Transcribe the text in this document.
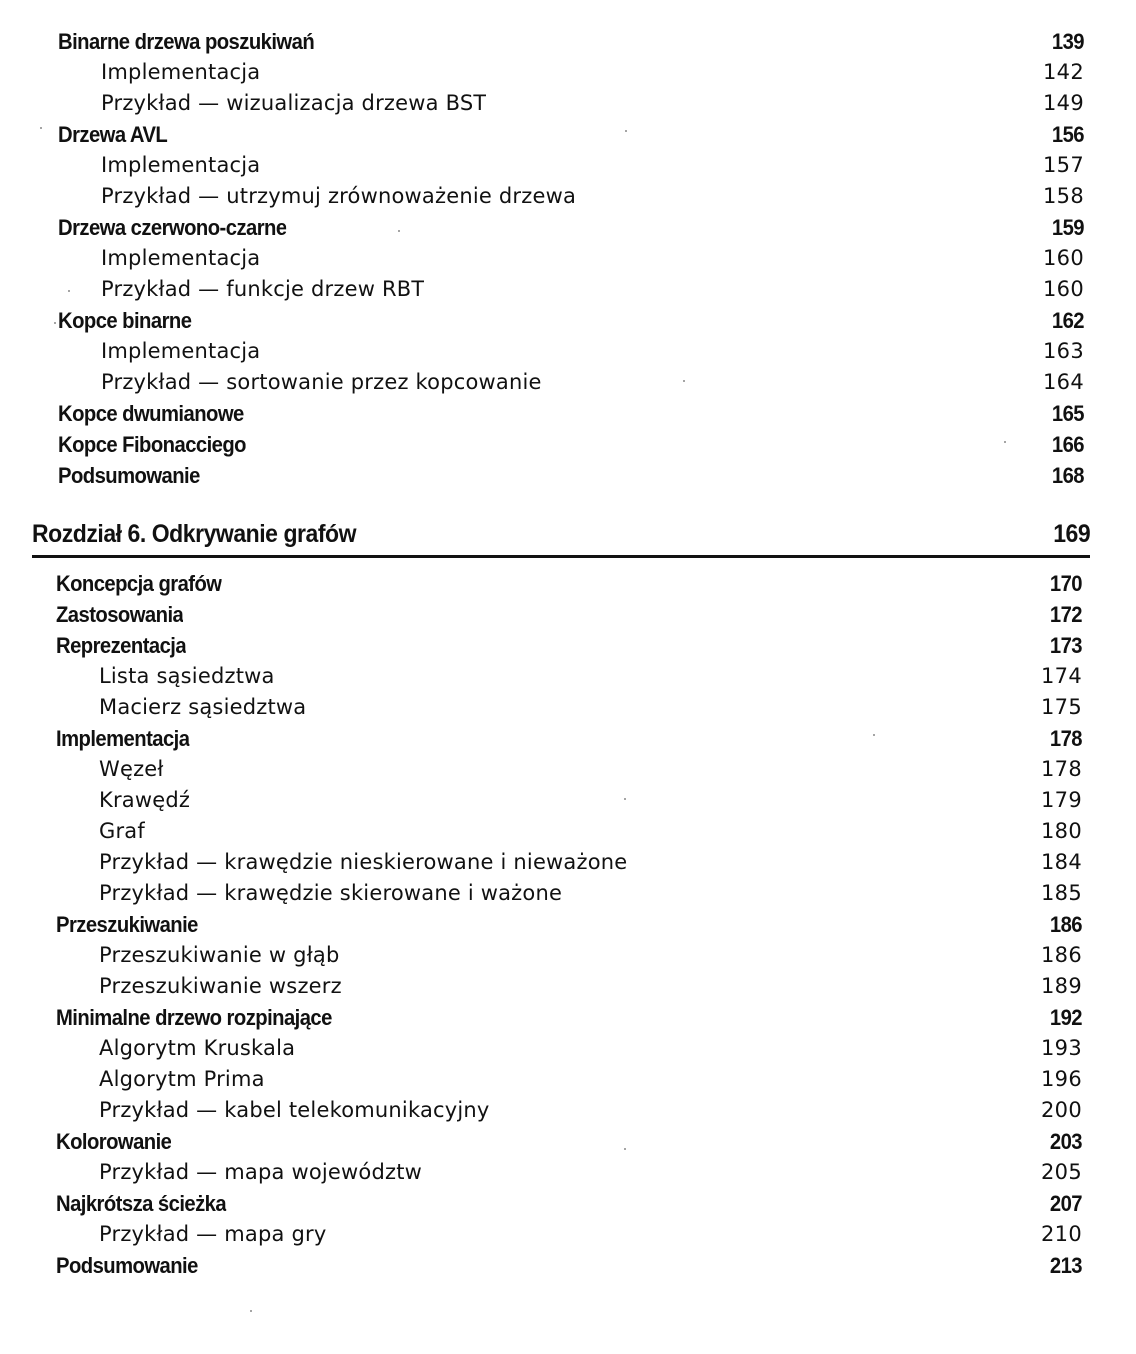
Binarne drzewa poszukiwań	139
Implementacja	142
Przykład — wizualizacja drzewa BST	149
Drzewa AVL	156
Implementacja	157
Przykład — utrzymuj zrównoważenie drzewa	158
Drzewa czerwono-czarne	159
Implementacja	160
Przykład — funkcje drzew RBT	160
Kopce binarne	162
Implementacja	163
Przykład — sortowanie przez kopcowanie	164
Kopce dwumianowe	165
Kopce Fibonacciego	166
Podsumowanie	168
Rozdział 6. Odkrywanie grafów	169
Koncepcja grafów	170
Zastosowania	172
Reprezentacja	173
Lista sąsiedztwa	174
Macierz sąsiedztwa	175
Implementacja	178
Węzeł	178
Krawędź	179
Graf	180
Przykład — krawędzie nieskierowane i nieważone	184
Przykład — krawędzie skierowane i ważone	185
Przeszukiwanie	186
Przeszukiwanie w głąb	186
Przeszukiwanie wszerz	189
Minimalne drzewo rozpinające	192
Algorytm Kruskala	193
Algorytm Prima	196
Przykład — kabel telekomunikacyjny	200
Kolorowanie	203
Przykład — mapa województw	205
Najkrótsza ścieżka	207
Przykład — mapa gry	210
Podsumowanie	213
